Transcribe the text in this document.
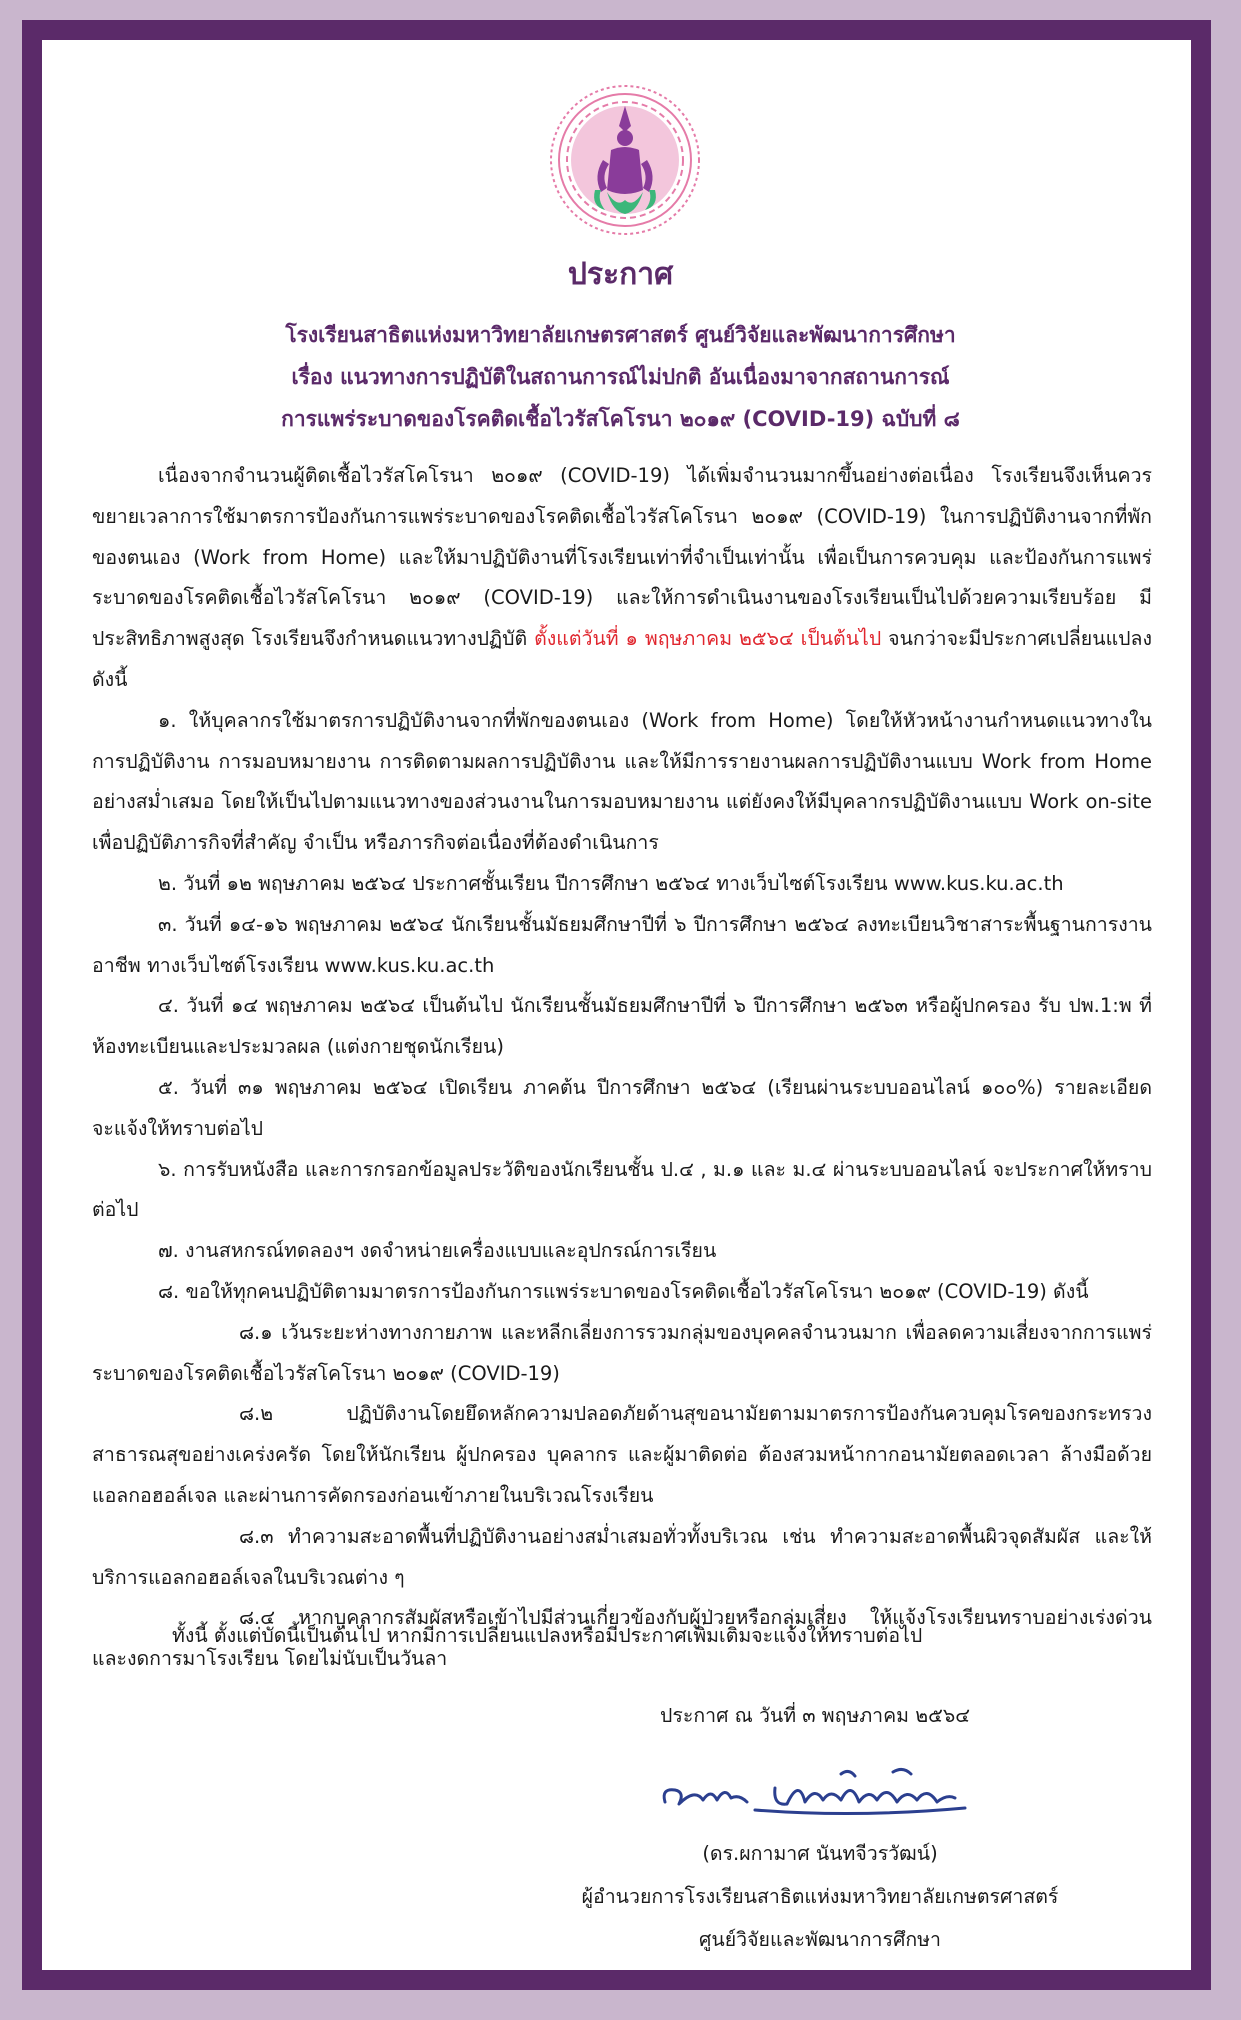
ประกาศ

โรงเรียนสาธิตแห่งมหาวิทยาลัยเกษตรศาสตร์ ศูนย์วิจัยและพัฒนาการศึกษา

เรื่อง แนวทางการปฏิบัติในสถานการณ์ไม่ปกติ อันเนื่องมาจากสถานการณ์

การแพร่ระบาดของโรคติดเชื้อไวรัสโคโรนา ๒๐๑๙ (COVID-19) ฉบับที่ ๘

เนื่องจากจำนวนผู้ติดเชื้อไวรัสโคโรนา ๒๐๑๙ (COVID-19) ได้เพิ่มจำนวนมากขึ้นอย่างต่อเนื่อง โรงเรียนจึงเห็นควรขยายเวลาการใช้มาตรการป้องกันการแพร่ระบาดของโรคติดเชื้อไวรัสโคโรนา ๒๐๑๙ (COVID-19) ในการปฏิบัติงานจากที่พักของตนเอง (Work from Home) และให้มาปฏิบัติงานที่โรงเรียนเท่าที่จำเป็นเท่านั้น เพื่อเป็นการควบคุม และป้องกันการแพร่ระบาดของโรคติดเชื้อไวรัสโคโรนา ๒๐๑๙ (COVID-19) และให้การดำเนินงานของโรงเรียนเป็นไปด้วยความเรียบร้อย มีประสิทธิภาพสูงสุด โรงเรียนจึงกำหนดแนวทางปฏิบัติ ตั้งแต่วันที่ ๑ พฤษภาคม ๒๕๖๔ เป็นต้นไป จนกว่าจะมีประกาศเปลี่ยนแปลง ดังนี้

๑. ให้บุคลากรใช้มาตรการปฏิบัติงานจากที่พักของตนเอง (Work from Home) โดยให้หัวหน้างานกำหนดแนวทางในการปฏิบัติงาน การมอบหมายงาน การติดตามผลการปฏิบัติงาน และให้มีการรายงานผลการปฏิบัติงานแบบ Work from Home อย่างสม่ำเสมอ โดยให้เป็นไปตามแนวทางของส่วนงานในการมอบหมายงาน แต่ยังคงให้มีบุคลากรปฏิบัติงานแบบ Work on-site เพื่อปฏิบัติภารกิจที่สำคัญ จำเป็น หรือภารกิจต่อเนื่องที่ต้องดำเนินการ

๒. วันที่ ๑๒ พฤษภาคม ๒๕๖๔ ประกาศชั้นเรียน ปีการศึกษา ๒๕๖๔ ทางเว็บไซต์โรงเรียน www.kus.ku.ac.th

๓. วันที่ ๑๔-๑๖ พฤษภาคม ๒๕๖๔ นักเรียนชั้นมัธยมศึกษาปีที่ ๖ ปีการศึกษา ๒๕๖๔ ลงทะเบียนวิชาสาระพื้นฐานการงานอาชีพ ทางเว็บไซต์โรงเรียน www.kus.ku.ac.th

๔. วันที่ ๑๔ พฤษภาคม ๒๕๖๔ เป็นต้นไป นักเรียนชั้นมัธยมศึกษาปีที่ ๖ ปีการศึกษา ๒๕๖๓ หรือผู้ปกครอง รับ ปพ.1:พ ที่ห้องทะเบียนและประมวลผล (แต่งกายชุดนักเรียน)

๕. วันที่ ๓๑ พฤษภาคม ๒๕๖๔ เปิดเรียน ภาคต้น ปีการศึกษา ๒๕๖๔ (เรียนผ่านระบบออนไลน์ ๑๐๐%) รายละเอียดจะแจ้งให้ทราบต่อไป

๖. การรับหนังสือ และการกรอกข้อมูลประวัติของนักเรียนชั้น ป.๔ , ม.๑ และ ม.๔ ผ่านระบบออนไลน์ จะประกาศให้ทราบต่อไป

๗. งานสหกรณ์ทดลองฯ งดจำหน่ายเครื่องแบบและอุปกรณ์การเรียน

๘. ขอให้ทุกคนปฏิบัติตามมาตรการป้องกันการแพร่ระบาดของโรคติดเชื้อไวรัสโคโรนา ๒๐๑๙ (COVID-19) ดังนี้

๘.๑ เว้นระยะห่างทางกายภาพ และหลีกเลี่ยงการรวมกลุ่มของบุคคลจำนวนมาก เพื่อลดความเสี่ยงจากการแพร่ระบาดของโรคติดเชื้อไวรัสโคโรนา ๒๐๑๙ (COVID-19)

๘.๒ ปฏิบัติงานโดยยึดหลักความปลอดภัยด้านสุขอนามัยตามมาตรการป้องกันควบคุมโรคของกระทรวงสาธารณสุขอย่างเคร่งครัด โดยให้นักเรียน ผู้ปกครอง บุคลากร และผู้มาติดต่อ ต้องสวมหน้ากากอนามัยตลอดเวลา ล้างมือด้วยแอลกอฮอล์เจล และผ่านการคัดกรองก่อนเข้าภายในบริเวณโรงเรียน

๘.๓ ทำความสะอาดพื้นที่ปฏิบัติงานอย่างสม่ำเสมอทั่วทั้งบริเวณ เช่น ทำความสะอาดพื้นผิวจุดสัมผัส และให้บริการแอลกอฮอล์เจลในบริเวณต่าง ๆ

๘.๔ หากบุคลากรสัมผัสหรือเข้าไปมีส่วนเกี่ยวข้องกับผู้ป่วยหรือกลุ่มเสี่ยง ให้แจ้งโรงเรียนทราบอย่างเร่งด่วน และงดการมาโรงเรียน โดยไม่นับเป็นวันลา

ทั้งนี้ ตั้งแต่บัดนี้เป็นต้นไป หากมีการเปลี่ยนแปลงหรือมีประกาศเพิ่มเติมจะแจ้งให้ทราบต่อไป

ประกาศ ณ วันที่ ๓ พฤษภาคม ๒๕๖๔

(ดร.ผกามาศ นันทจีวรวัฒน์)

ผู้อำนวยการโรงเรียนสาธิตแห่งมหาวิทยาลัยเกษตรศาสตร์

ศูนย์วิจัยและพัฒนาการศึกษา
